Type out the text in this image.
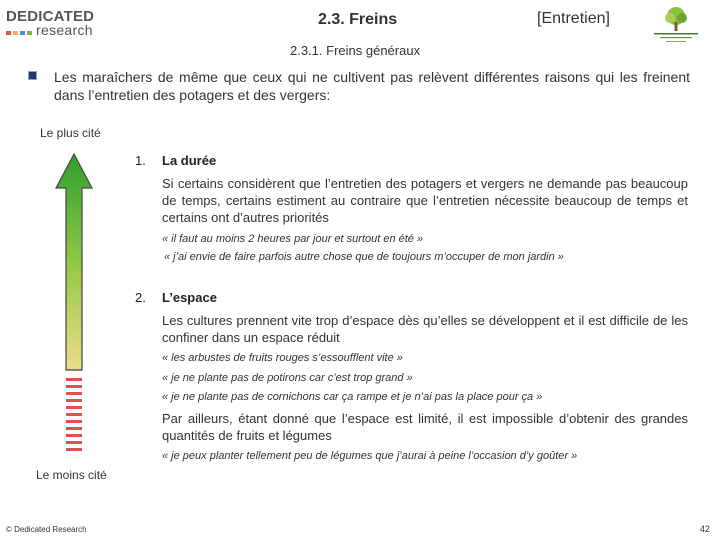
DEDICATED
research
2.3. Freins	[Entretien]
2.3.1. Freins généraux
Les maraîchers de même que ceux qui ne cultivent pas relèvent différentes raisons qui les freinent dans l’entretien des potagers et des vergers:
Le plus cité
Le moins cité
1. La durée
Si certains considèrent que l’entretien des potagers et vergers ne demande pas beaucoup de temps, certains estiment au contraire que l’entretien nécessite beaucoup de temps et certains ont d’autres priorités
« il faut au moins 2 heures par jour et surtout en été »
« j’ai envie de faire parfois autre chose que de toujours m’occuper de mon jardin »
2. L’espace
Les cultures prennent vite trop d’espace dès qu’elles se développent et il est difficile de les confiner dans un espace réduit
« les arbustes de fruits rouges s’essoufflent vite »
« je ne plante pas de potirons car c’est trop grand »
« je ne plante pas de cornichons car ça rampe et je n’ai pas la place pour ça »
Par ailleurs, étant donné que l’espace est limité, il est impossible d’obtenir des grandes quantités de fruits et légumes
« je peux planter tellement peu de légumes que j’aurai à peine l’occasion d’y goûter »
© Dedicated Research	42
